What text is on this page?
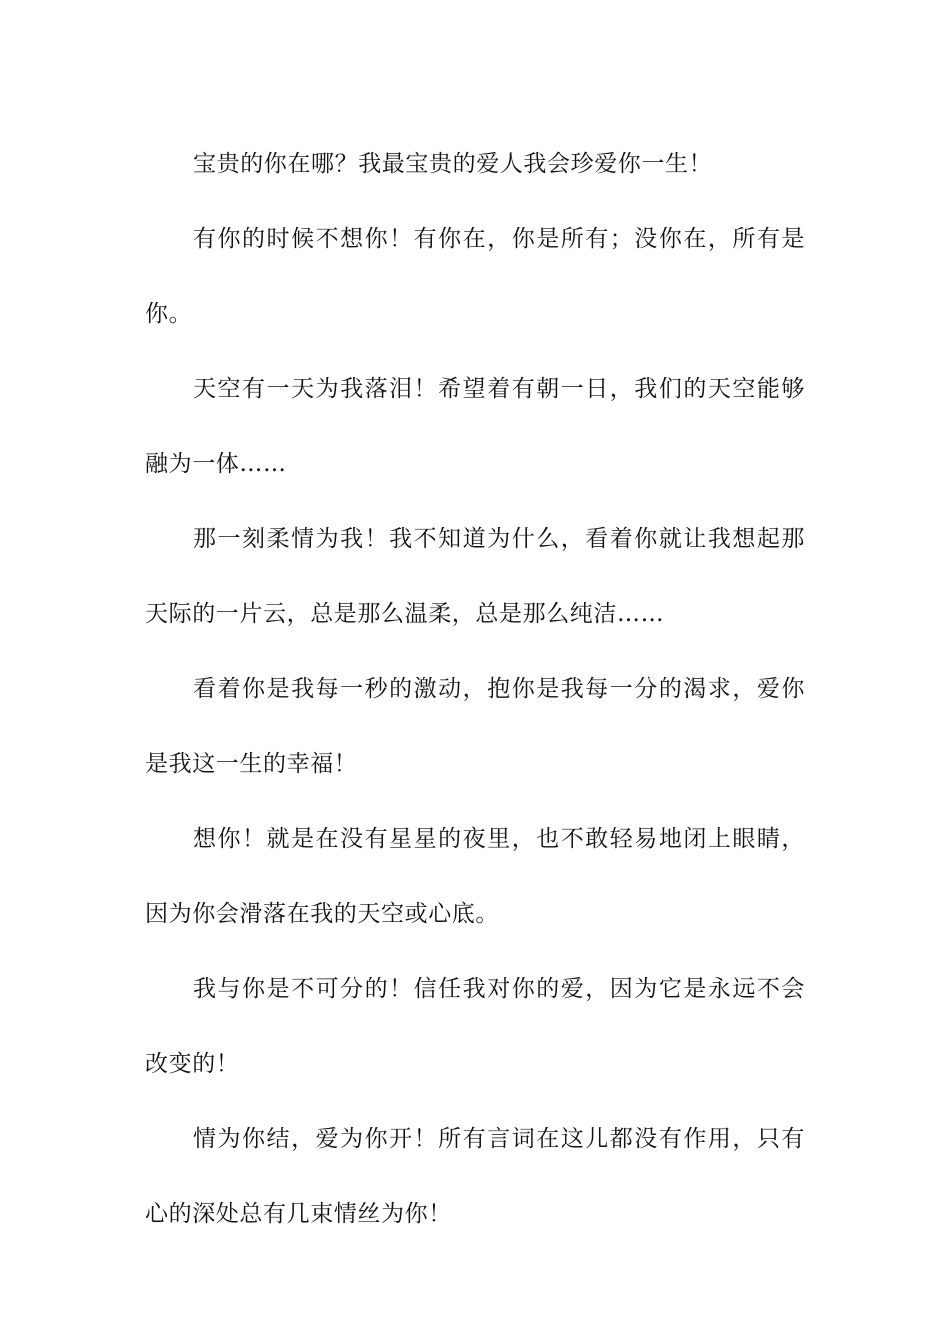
宝贵的你在哪？我最宝贵的爱人我会珍爱你一生！

有你的时候不想你！有你在，你是所有；没你在，所有是你。

天空有一天为我落泪！希望着有朝一日，我们的天空能够融为一体……

那一刻柔情为我！我不知道为什么，看着你就让我想起那天际的一片云，总是那么温柔，总是那么纯洁……

看着你是我每一秒的激动，抱你是我每一分的渴求，爱你是我这一生的幸福！

想你！就是在没有星星的夜里，也不敢轻易地闭上眼睛，因为你会滑落在我的天空或心底。

我与你是不可分的！信任我对你的爱，因为它是永远不会改变的！

情为你结，爱为你开！所有言词在这儿都没有作用，只有心的深处总有几束情丝为你！
